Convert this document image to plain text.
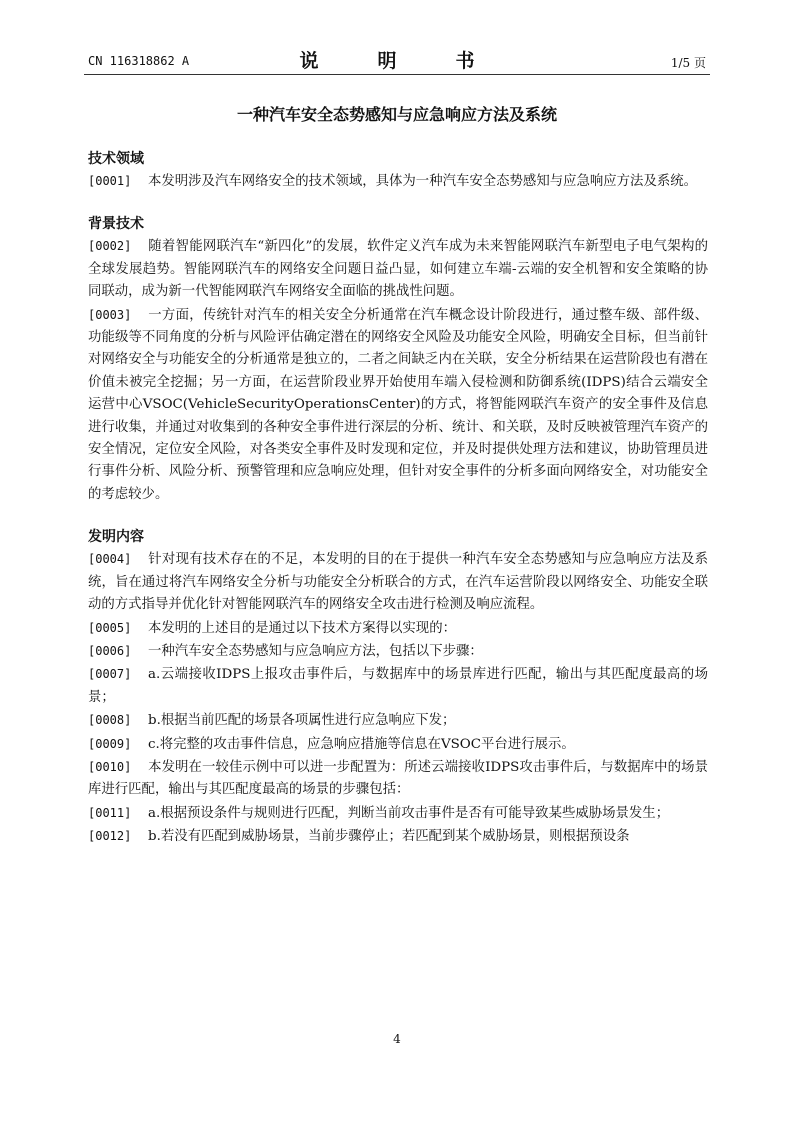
CN 116318862 A	说　明　书	1/5 页
一种汽车安全态势感知与应急响应方法及系统
技术领域
[0001] 本发明涉及汽车网络安全的技术领域，具体为一种汽车安全态势感知与应急响应方法及系统。
背景技术
[0002] 随着智能网联汽车“新四化”的发展，软件定义汽车成为未来智能网联汽车新型电子电气架构的全球发展趋势。智能网联汽车的网络安全问题日益凸显，如何建立车端-云端的安全机智和安全策略的协同联动，成为新一代智能网联汽车网络安全面临的挑战性问题。
[0003] 一方面，传统针对汽车的相关安全分析通常在汽车概念设计阶段进行，通过整车级、部件级、功能级等不同角度的分析与风险评估确定潜在的网络安全风险及功能安全风险，明确安全目标，但当前针对网络安全与功能安全的分析通常是独立的，二者之间缺乏内在关联，安全分析结果在运营阶段也有潜在价值未被完全挖掘；另一方面，在运营阶段业界开始使用车端入侵检测和防御系统(IDPS)结合云端安全运营中心VSOC(VehicleSecurityOperationsCenter)的方式，将智能网联汽车资产的安全事件及信息进行收集，并通过对收集到的各种安全事件进行深层的分析、统计、和关联，及时反映被管理汽车资产的安全情况，定位安全风险，对各类安全事件及时发现和定位，并及时提供处理方法和建议，协助管理员进行事件分析、风险分析、预警管理和应急响应处理，但针对安全事件的分析多面向网络安全，对功能安全的考虑较少。
发明内容
[0004] 针对现有技术存在的不足，本发明的目的在于提供一种汽车安全态势感知与应急响应方法及系统，旨在通过将汽车网络安全分析与功能安全分析联合的方式，在汽车运营阶段以网络安全、功能安全联动的方式指导并优化针对智能网联汽车的网络安全攻击进行检测及响应流程。
[0005] 本发明的上述目的是通过以下技术方案得以实现的：
[0006] 一种汽车安全态势感知与应急响应方法，包括以下步骤：
[0007] a.云端接收IDPS上报攻击事件后，与数据库中的场景库进行匹配，输出与其匹配度最高的场景；
[0008] b.根据当前匹配的场景各项属性进行应急响应下发；
[0009] c.将完整的攻击事件信息，应急响应措施等信息在VSOC平台进行展示。
[0010] 本发明在一较佳示例中可以进一步配置为：所述云端接收IDPS攻击事件后，与数据库中的场景库进行匹配，输出与其匹配度最高的场景的步骤包括：
[0011] a.根据预设条件与规则进行匹配，判断当前攻击事件是否有可能导致某些威胁场景发生；
[0012] b.若没有匹配到威胁场景，当前步骤停止；若匹配到某个威胁场景，则根据预设条
4
